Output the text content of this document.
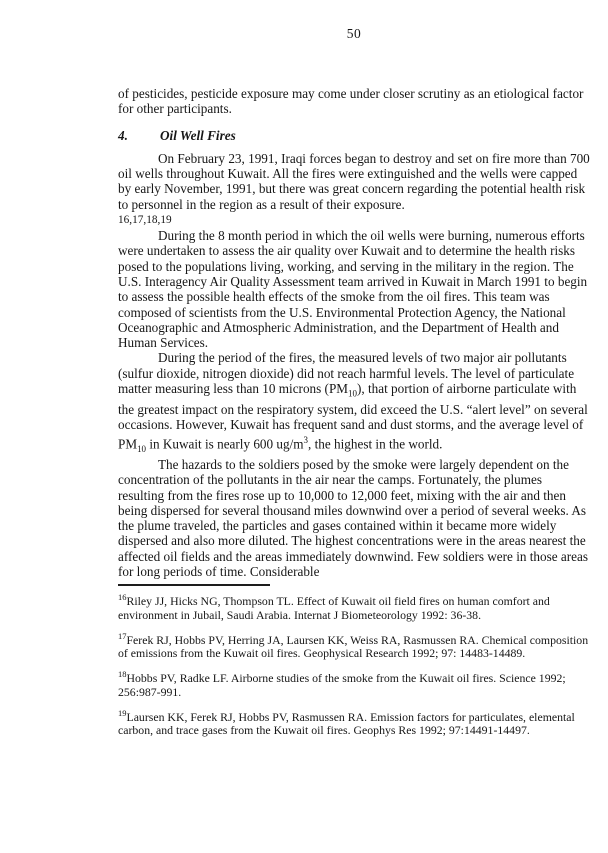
50

of pesticides, pesticide exposure may come under closer scrutiny as an etiological factor for other participants.

4. Oil Well Fires

On February 23, 1991, Iraqi forces began to destroy and set on fire more than 700 oil wells throughout Kuwait. All the fires were extinguished and the wells were capped by early November, 1991, but there was great concern regarding the potential health risk to personnel in the region as a result of their exposure.

16,17,18,19

During the 8 month period in which the oil wells were burning, numerous efforts were undertaken to assess the air quality over Kuwait and to determine the health risks posed to the populations living, working, and serving in the military in the region. The U.S. Interagency Air Quality Assessment team arrived in Kuwait in March 1991 to begin to assess the possible health effects of the smoke from the oil fires. This team was composed of scientists from the U.S. Environmental Protection Agency, the National Oceanographic and Atmospheric Administration, and the Department of Health and Human Services.

During the period of the fires, the measured levels of two major air pollutants (sulfur dioxide, nitrogen dioxide) did not reach harmful levels. The level of particulate matter measuring less than 10 microns $(PM_{10})$, that portion of airborne particulate with the greatest impact on the respiratory system, did exceed the U.S. “alert level” on several occasions. However, Kuwait has frequent sand and dust storms, and the average level of $PM_{10}$ in Kuwait is nearly 600 $ug/m^3$, the highest in the world.

The hazards to the soldiers posed by the smoke were largely dependent on the concentration of the pollutants in the air near the camps. Fortunately, the plumes resulting from the fires rose up to 10,000 to 12,000 feet, mixing with the air and then being dispersed for several thousand miles downwind over a period of several weeks. As the plume traveled, the particles and gases contained within it became more widely dispersed and also more diluted. The highest concentrations were in the areas nearest the affected oil fields and the areas immediately downwind. Few soldiers were in those areas for long periods of time. Considerable

$^{16}$Riley JJ, Hicks NG, Thompson TL. Effect of Kuwait oil field fires on human comfort and environment in Jubail, Saudi Arabia. Internat J Biometeorology 1992: 36-38.
$^{17}$Ferek RJ, Hobbs PV, Herring JA, Laursen KK, Weiss RA, Rasmussen RA. Chemical composition of emissions from the Kuwait oil fires. Geophysical Research 1992; 97: 14483-14489.
$^{18}$Hobbs PV, Radke LF. Airborne studies of the smoke from the Kuwait oil fires. Science 1992; 256:987-991.
$^{19}$Laursen KK, Ferek RJ, Hobbs PV, Rasmussen RA. Emission factors for particulates, elemental carbon, and trace gases from the Kuwait oil fires. Geophys Res 1992; 97:14491-14497.
